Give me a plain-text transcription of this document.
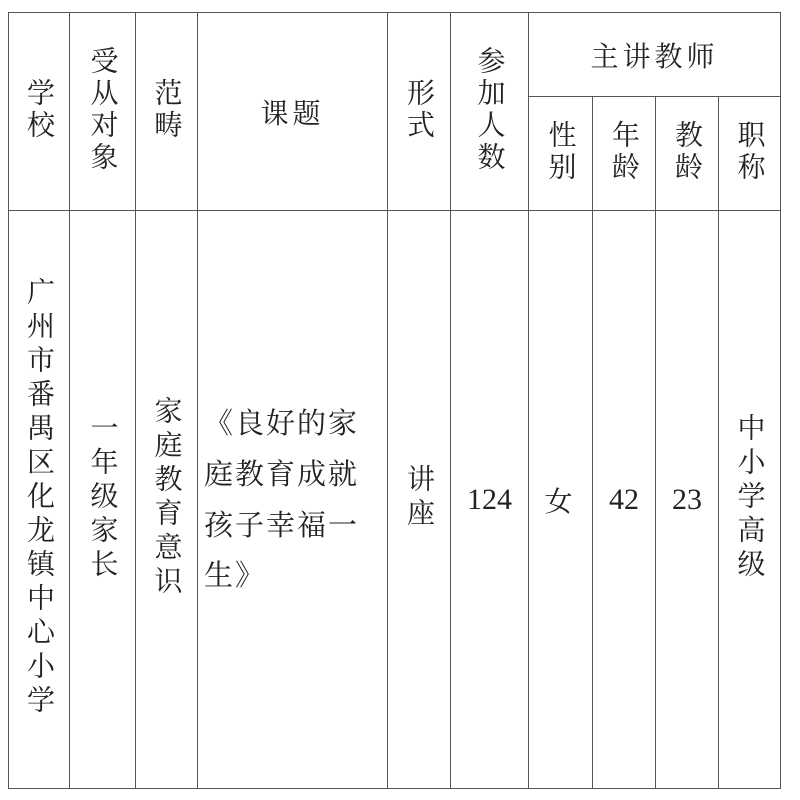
学校	受从对象	范畴	课题	形式	参加人数	主讲教师			
						性别	年龄	教龄	职称
广州市番禺区化龙镇中心小学	一年级家长	家庭教育意识	《良好的家庭教育成就孩子幸福一生》	讲座	124	女	42	23	中小学高级
